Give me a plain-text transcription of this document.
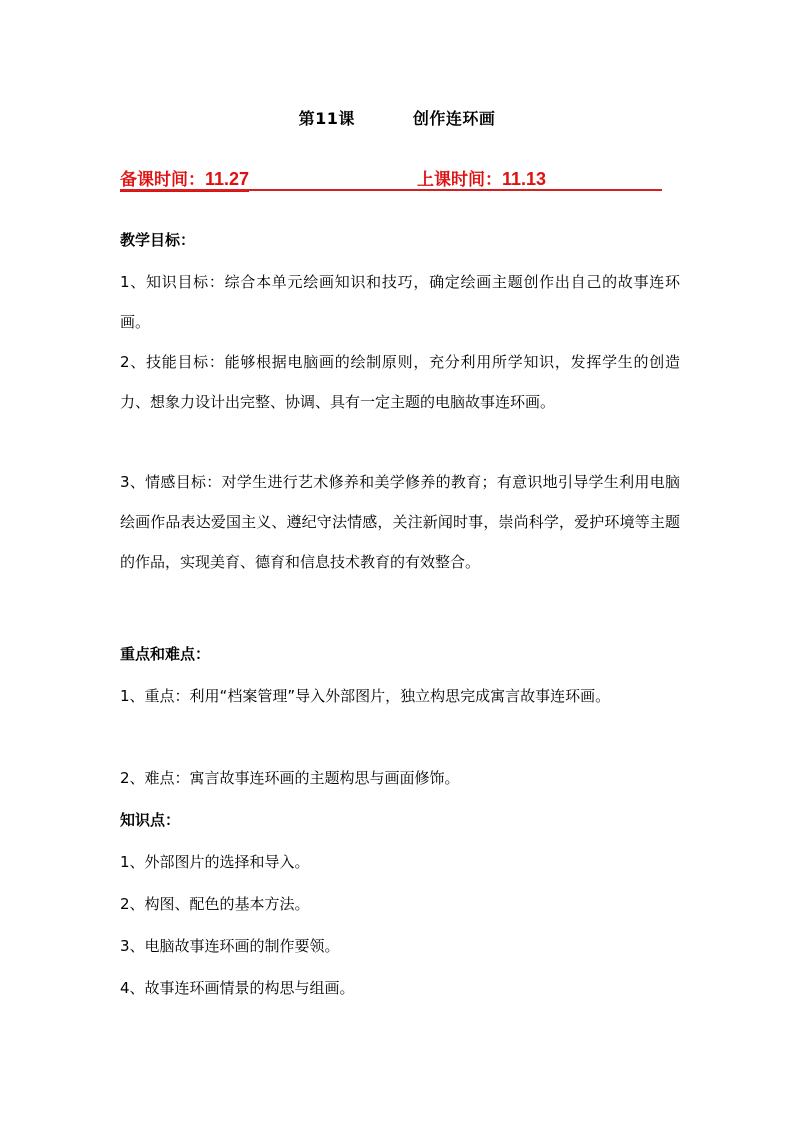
第11课	创作连环画
备课时间：11.27	上课时间：11.13
教学目标：
1、知识目标：综合本单元绘画知识和技巧，确定绘画主题创作出自己的故事连环画。
2、技能目标：能够根据电脑画的绘制原则，充分利用所学知识，发挥学生的创造力、想象力设计出完整、协调、具有一定主题的电脑故事连环画。
3、情感目标：对学生进行艺术修养和美学修养的教育；有意识地引导学生利用电脑绘画作品表达爱国主义、遵纪守法情感，关注新闻时事，崇尚科学，爱护环境等主题的作品，实现美育、德育和信息技术教育的有效整合。
重点和难点：
1、重点：利用“档案管理”导入外部图片，独立构思完成寓言故事连环画。
2、难点：寓言故事连环画的主题构思与画面修饰。
知识点：
1、外部图片的选择和导入。
2、构图、配色的基本方法。
3、电脑故事连环画的制作要领。
4、故事连环画情景的构思与组画。
